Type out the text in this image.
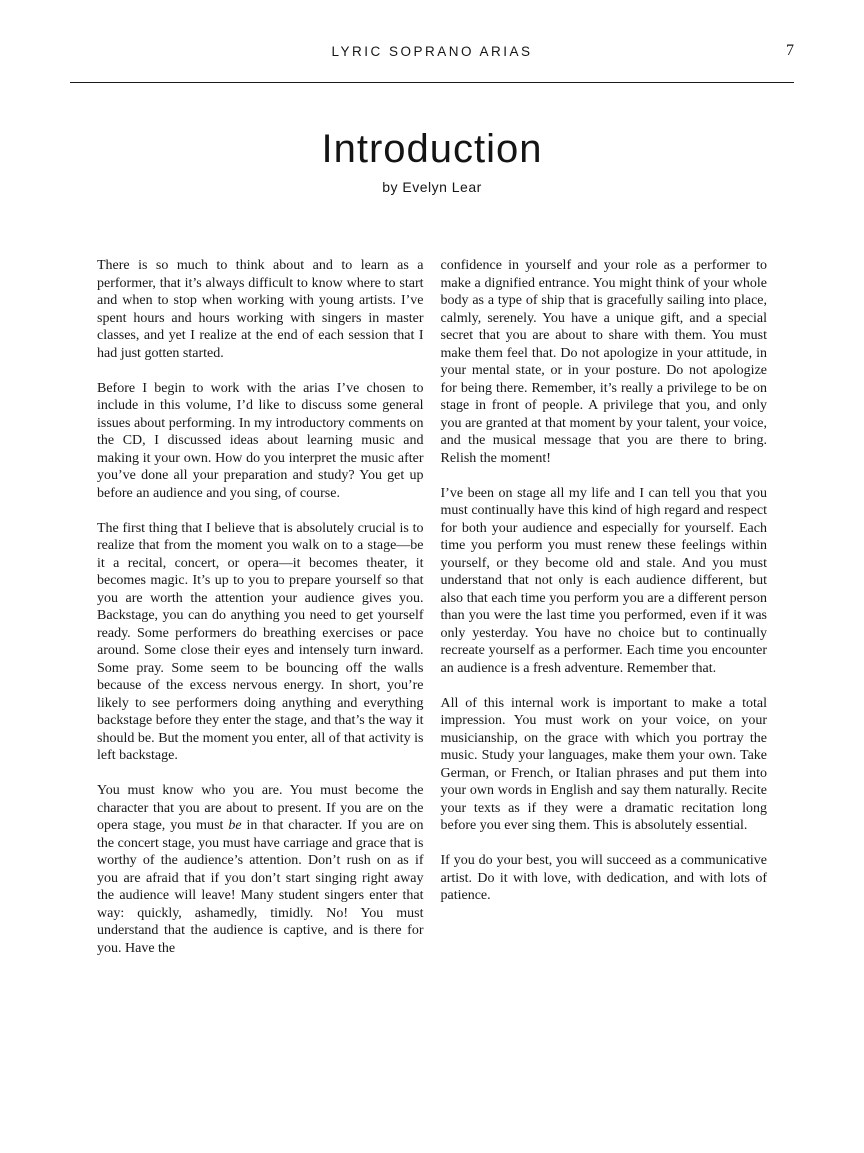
LYRIC SOPRANO ARIAS	7
Introduction
by Evelyn Lear

There is so much to think about and to learn as a performer, that it’s always difficult to know where to start and when to stop when working with young artists. I’ve spent hours and hours working with singers in master classes, and yet I realize at the end of each session that I had just gotten started.

Before I begin to work with the arias I’ve chosen to include in this volume, I’d like to discuss some general issues about performing. In my introductory comments on the CD, I discussed ideas about learning music and making it your own. How do you interpret the music after you’ve done all your preparation and study? You get up before an audience and you sing, of course.

The first thing that I believe that is absolutely crucial is to realize that from the moment you walk on to a stage—be it a recital, concert, or opera—it becomes theater, it becomes magic. It’s up to you to prepare yourself so that you are worth the attention your audience gives you. Backstage, you can do anything you need to get yourself ready. Some performers do breathing exercises or pace around. Some close their eyes and intensely turn inward. Some pray. Some seem to be bouncing off the walls because of the excess nervous energy. In short, you’re likely to see performers doing anything and everything backstage before they enter the stage, and that’s the way it should be. But the moment you enter, all of that activity is left backstage.

You must know who you are. You must become the character that you are about to present. If you are on the opera stage, you must be in that character. If you are on the concert stage, you must have carriage and grace that is worthy of the audience’s attention. Don’t rush on as if you are afraid that if you don’t start singing right away the audience will leave! Many student singers enter that way: quickly, ashamedly, timidly. No! You must understand that the audience is captive, and is there for you. Have the

confidence in yourself and your role as a performer to make a dignified entrance. You might think of your whole body as a type of ship that is gracefully sailing into place, calmly, serenely. You have a unique gift, and a special secret that you are about to share with them. You must make them feel that. Do not apologize in your attitude, in your mental state, or in your posture. Do not apologize for being there. Remember, it’s really a privilege to be on stage in front of people. A privilege that you, and only you are granted at that moment by your talent, your voice, and the musical message that you are there to bring. Relish the moment!

I’ve been on stage all my life and I can tell you that you must continually have this kind of high regard and respect for both your audience and especially for yourself. Each time you perform you must renew these feelings within yourself, or they become old and stale. And you must understand that not only is each audience different, but also that each time you perform you are a different person than you were the last time you performed, even if it was only yesterday. You have no choice but to continually recreate yourself as a performer. Each time you encounter an audience is a fresh adventure. Remember that.

All of this internal work is important to make a total impression. You must work on your voice, on your musicianship, on the grace with which you portray the music. Study your languages, make them your own. Take German, or French, or Italian phrases and put them into your own words in English and say them naturally. Recite your texts as if they were a dramatic recitation long before you ever sing them. This is absolutely essential.

If you do your best, you will succeed as a communicative artist. Do it with love, with dedication, and with lots of patience.
